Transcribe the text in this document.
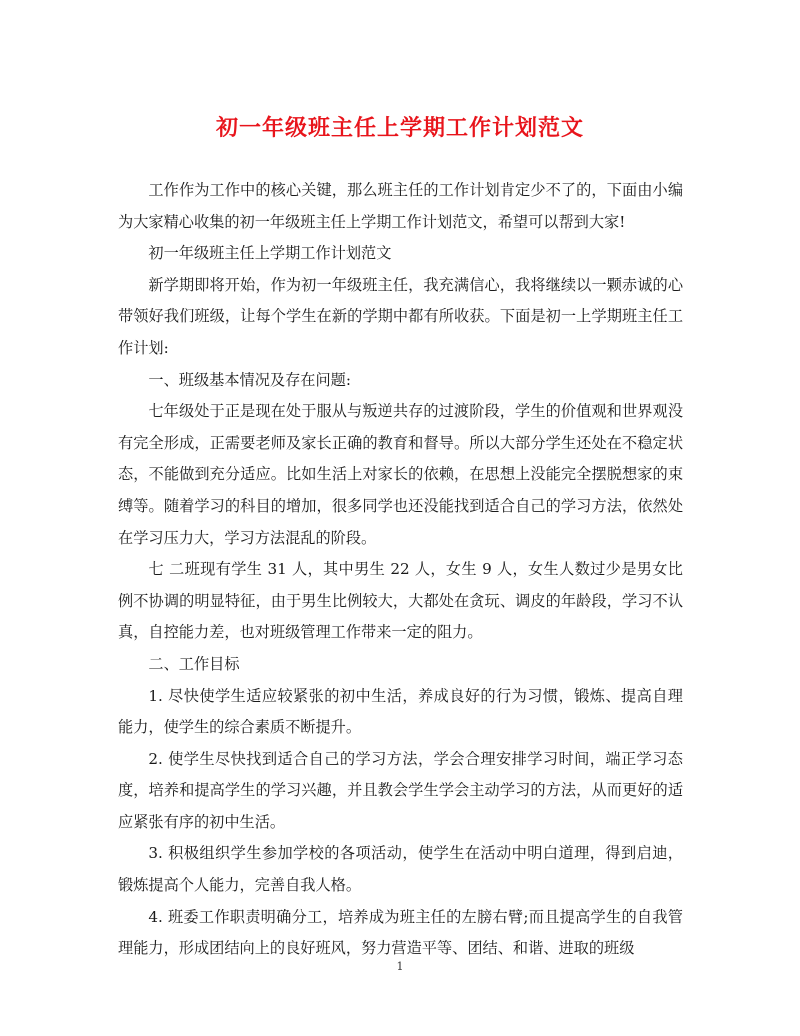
初一年级班主任上学期工作计划范文

工作作为工作中的核心关键，那么班主任的工作计划肯定少不了的，下面由小编为大家精心收集的初一年级班主任上学期工作计划范文，希望可以帮到大家!

初一年级班主任上学期工作计划范文

新学期即将开始，作为初一年级班主任，我充满信心，我将继续以一颗赤诚的心带领好我们班级，让每个学生在新的学期中都有所收获。下面是初一上学期班主任工作计划:

一、班级基本情况及存在问题:

七年级处于正是现在处于服从与叛逆共存的过渡阶段，学生的价值观和世界观没有完全形成，正需要老师及家长正确的教育和督导。所以大部分学生还处在不稳定状态，不能做到充分适应。比如生活上对家长的依赖，在思想上没能完全摆脱想家的束缚等。随着学习的科目的增加，很多同学也还没能找到适合自己的学习方法，依然处在学习压力大，学习方法混乱的阶段。

七 二班现有学生 31 人，其中男生 22 人，女生 9 人，女生人数过少是男女比例不协调的明显特征，由于男生比例较大，大都处在贪玩、调皮的年龄段，学习不认真，自控能力差，也对班级管理工作带来一定的阻力。

二、工作目标

1. 尽快使学生适应较紧张的初中生活，养成良好的行为习惯，锻炼、提高自理能力，使学生的综合素质不断提升。

2. 使学生尽快找到适合自己的学习方法，学会合理安排学习时间，端正学习态度，培养和提高学生的学习兴趣，并且教会学生学会主动学习的方法，从而更好的适应紧张有序的初中生活。

3. 积极组织学生参加学校的各项活动，使学生在活动中明白道理，得到启迪，锻炼提高个人能力，完善自我人格。

4. 班委工作职责明确分工，培养成为班主任的左膀右臂;而且提高学生的自我管理能力，形成团结向上的良好班风，努力营造平等、团结、和谐、进取的班级

1
